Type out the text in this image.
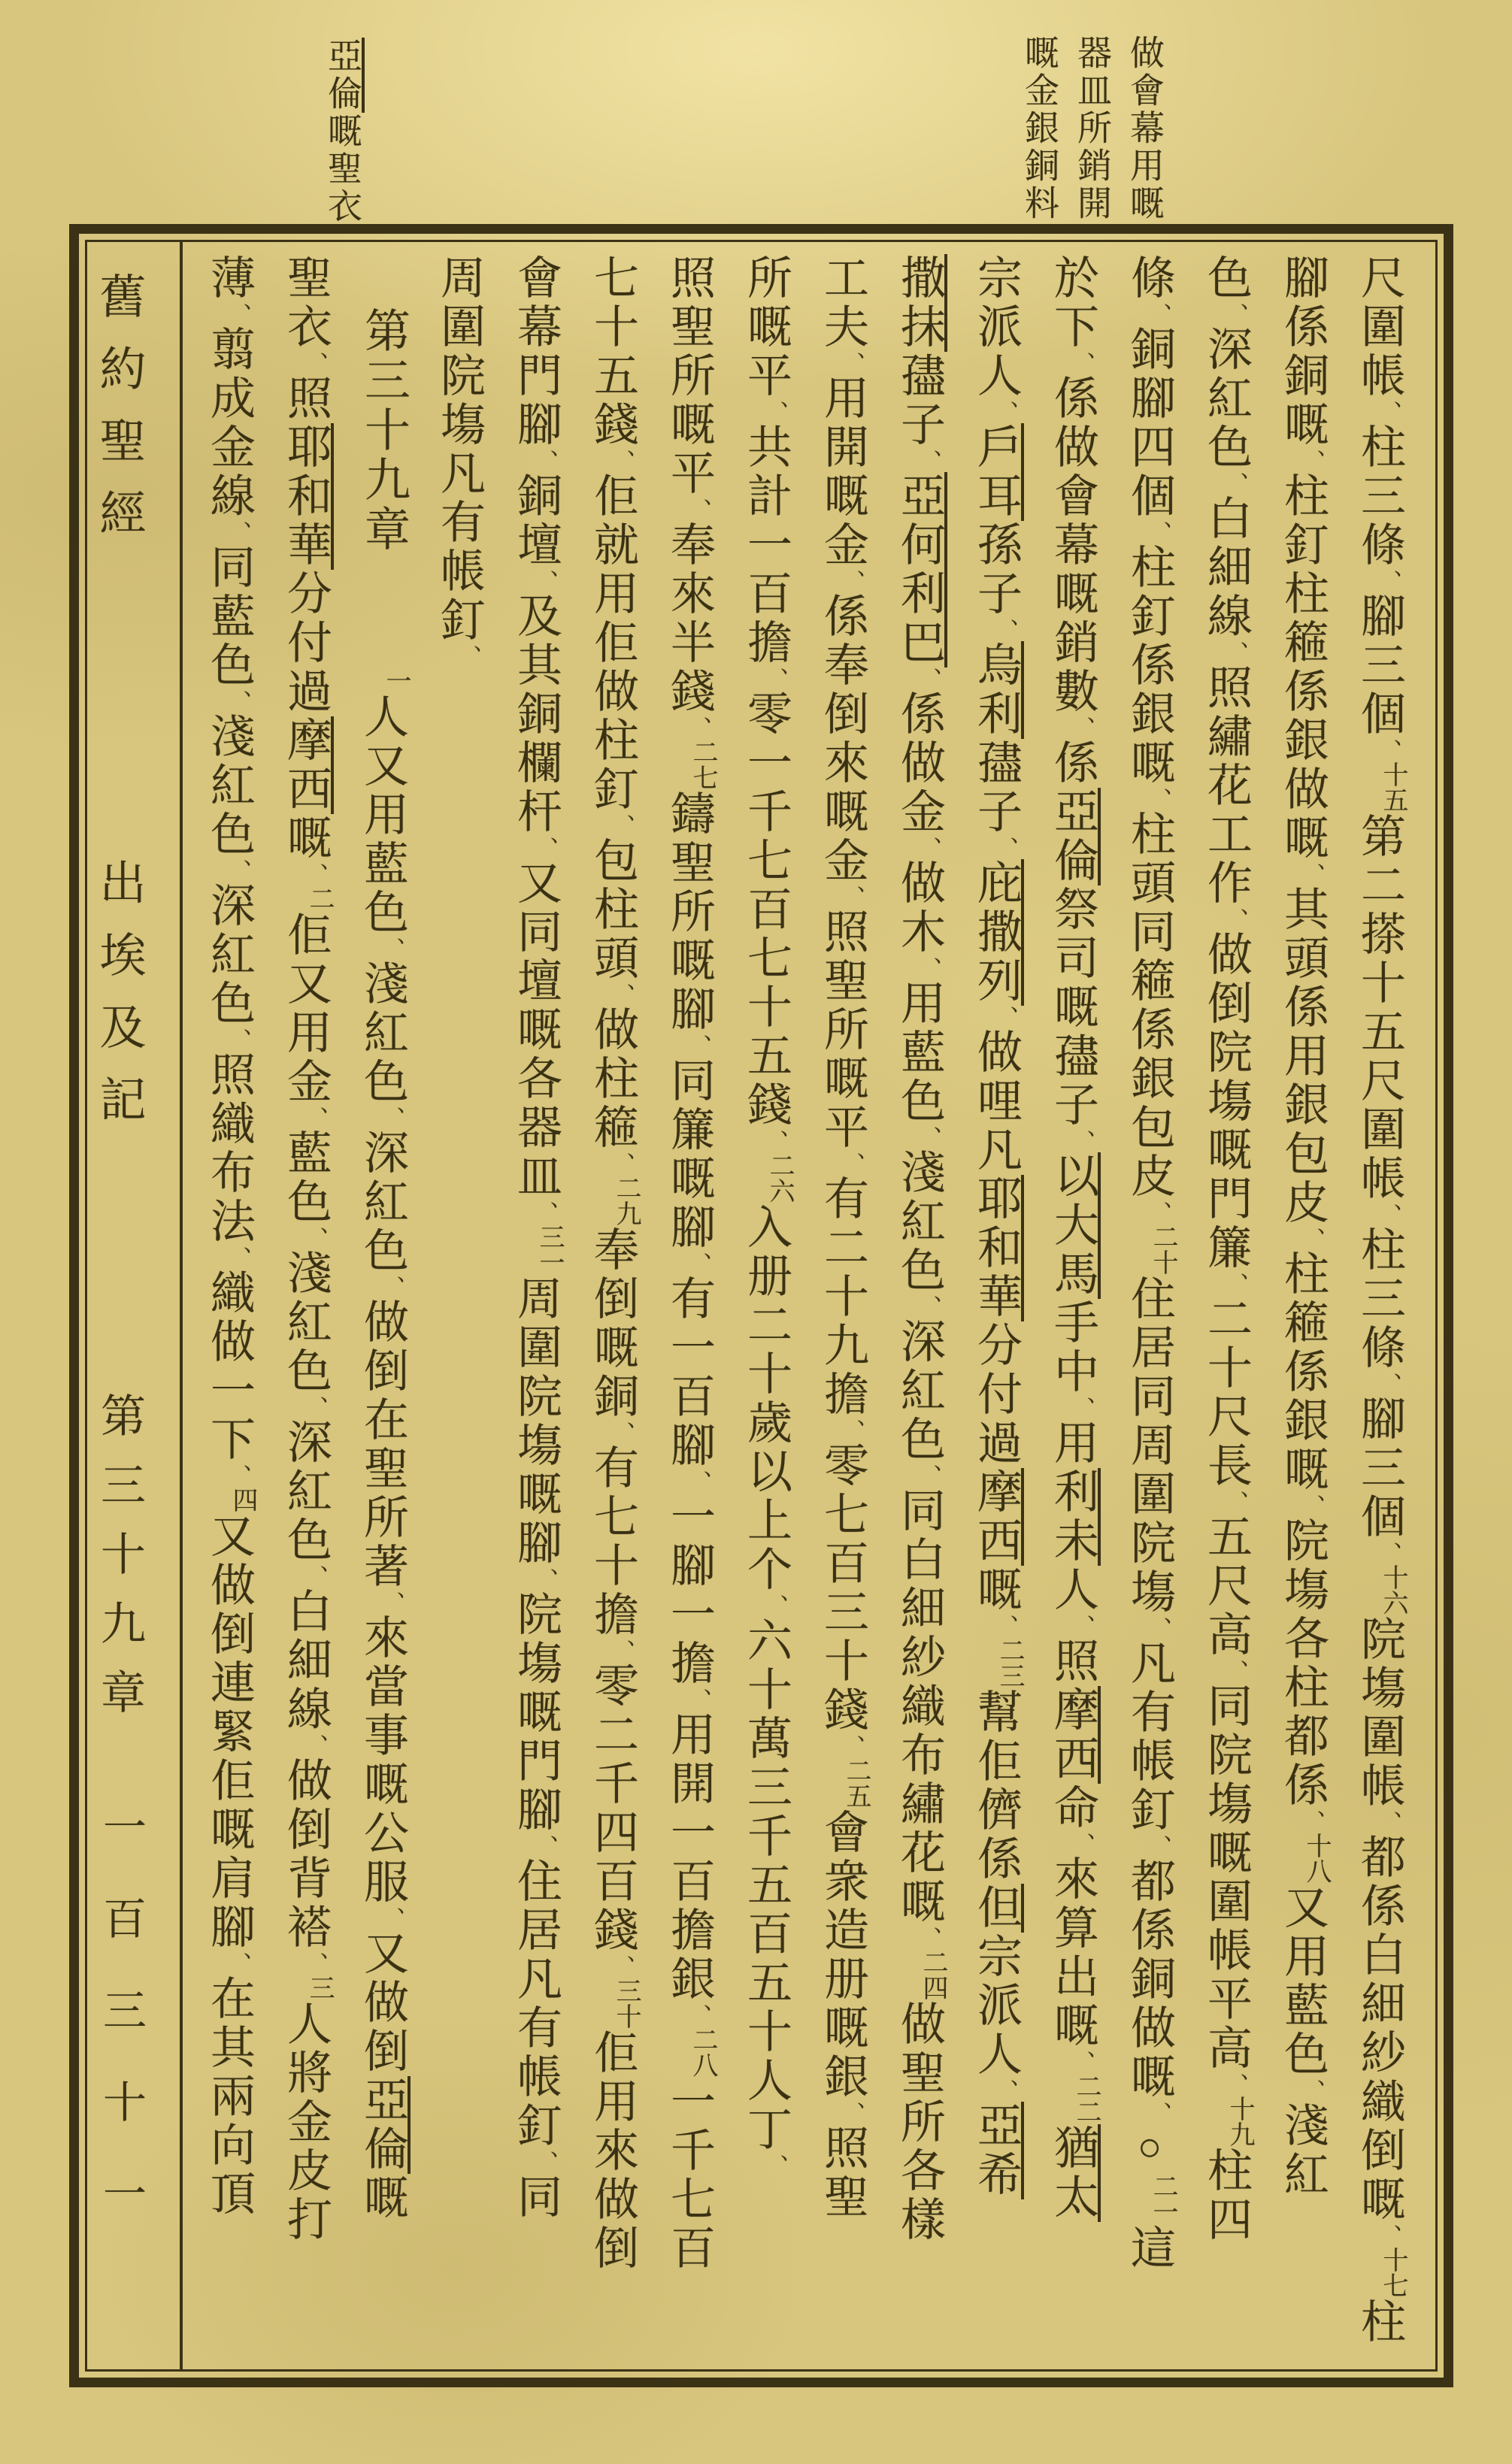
做會幕用嘅
器皿所銷開
嘅金銀銅料
亞倫嘅聖衣
舊約聖經
出埃及記
第三十九章
一百三十一
尺圍帳、柱三條、腳三個、十五第二搽十五尺圍帳、柱三條、腳三個、十六院塲圍帳、都係白細紗織倒嘅、十七柱
腳係銅嘅、柱釘柱篐係銀做嘅、其頭係用銀包皮、柱篐係銀嘅、院塲各柱都係、十八又用藍色、淺紅
色、深紅色、白細線、照繡花工作、做倒院塲嘅門簾、二十尺長、五尺高、同院塲嘅圍帳平高、十九柱四
條、銅腳四個、柱釘係銀嘅、柱頭同篐係銀包皮、二十住居同周圍院塲、凡有帳釘、都係銅做嘅、○二一這
於下、係做會幕嘅銷數、係亞倫祭司嘅孻子、以大馬手中、用利未人、照摩西命、來算出嘅、二二猶太
宗派人、戶耳孫子、烏利孻子、庇撒列、做哩凡耶和華分付過摩西嘅、二三幫佢儕係但宗派人、亞希
撒抹孻子、亞何利巴、係做金、做木、用藍色、淺紅色、深紅色、同白細紗織布繡花嘅、二四做聖所各樣
工夫、用開嘅金、係奉倒來嘅金、照聖所嘅平、有二十九擔、零七百三十錢、二五會衆造册嘅銀、照聖
所嘅平、共計一百擔、零一千七百七十五錢、二六入册二十歲以上个、六十萬三千五百五十人丁、
照聖所嘅平、奉來半錢、二七鑄聖所嘅腳、同簾嘅腳、有一百腳、一腳一擔、用開一百擔銀、二八一千七百
七十五錢、佢就用佢做柱釘、包柱頭、做柱篐、二九奉倒嘅銅、有七十擔、零二千四百錢、三十佢用來做倒
會幕門腳、銅壇、及其銅欄杆、又同壇嘅各器皿、三一周圍院塲嘅腳、院塲嘅門腳、住居凡有帳釘、同
周圍院塲凡有帳釘、
第三十九章一人又用藍色、淺紅色、深紅色、做倒在聖所著、來當事嘅公服、又做倒亞倫嘅
聖衣、照耶和華分付過摩西嘅、二佢又用金、藍色、淺紅色、深紅色、白細線、做倒背褡、三人將金皮打
薄、翦成金線、同藍色、淺紅色、深紅色、照織布法、織做一下、四又做倒連緊佢嘅肩腳、在其兩向頂
